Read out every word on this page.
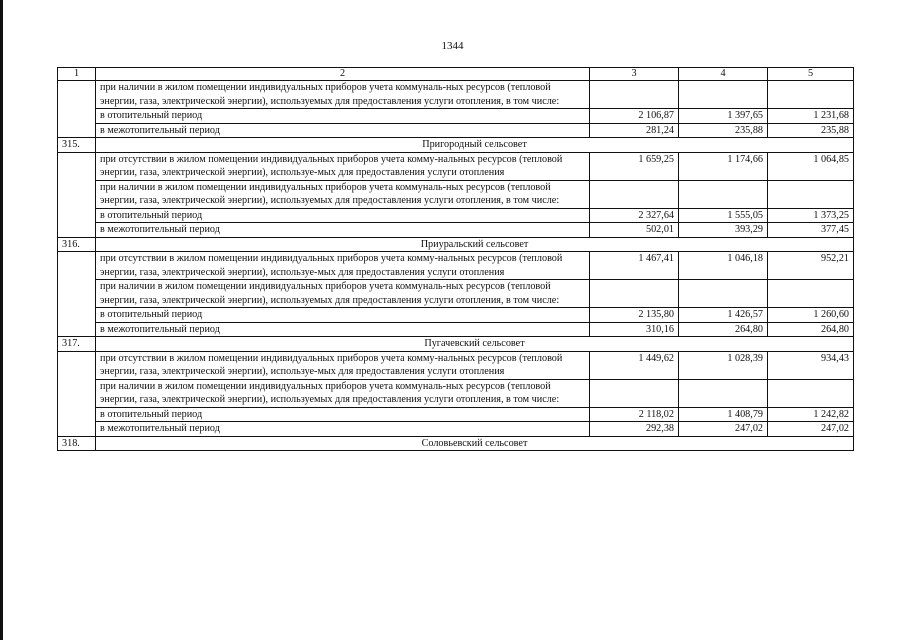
1344
1	2	3	4	5
	при наличии в жилом помещении индивидуальных приборов учета коммуналь-ных ресурсов (тепловой энергии, газа, электрической энергии), используемых для предоставления услуги отопления, в том числе:			
	в отопительный период	2 106,87	1 397,65	1 231,68
	в межотопительный период	281,24	235,88	235,88
315.	Пригородный сельсовет			
	при отсутствии в жилом помещении индивидуальных приборов учета комму-нальных ресурсов (тепловой энергии, газа, электрической энергии), используе-мых для предоставления услуги отопления	1 659,25	1 174,66	1 064,85
	при наличии в жилом помещении индивидуальных приборов учета коммуналь-ных ресурсов (тепловой энергии, газа, электрической энергии), используемых для предоставления услуги отопления, в том числе:			
	в отопительный период	2 327,64	1 555,05	1 373,25
	в межотопительный период	502,01	393,29	377,45
316.	Приуральский сельсовет			
	при отсутствии в жилом помещении индивидуальных приборов учета комму-нальных ресурсов (тепловой энергии, газа, электрической энергии), используе-мых для предоставления услуги отопления	1 467,41	1 046,18	952,21
	при наличии в жилом помещении индивидуальных приборов учета коммуналь-ных ресурсов (тепловой энергии, газа, электрической энергии), используемых для предоставления услуги отопления, в том числе:			
	в отопительный период	2 135,80	1 426,57	1 260,60
	в межотопительный период	310,16	264,80	264,80
317.	Пугачевский сельсовет			
	при отсутствии в жилом помещении индивидуальных приборов учета комму-нальных ресурсов (тепловой энергии, газа, электрической энергии), используе-мых для предоставления услуги отопления	1 449,62	1 028,39	934,43
	при наличии в жилом помещении индивидуальных приборов учета коммуналь-ных ресурсов (тепловой энергии, газа, электрической энергии), используемых для предоставления услуги отопления, в том числе:			
	в отопительный период	2 118,02	1 408,79	1 242,82
	в межотопительный период	292,38	247,02	247,02
318.	Соловьевский сельсовет			
